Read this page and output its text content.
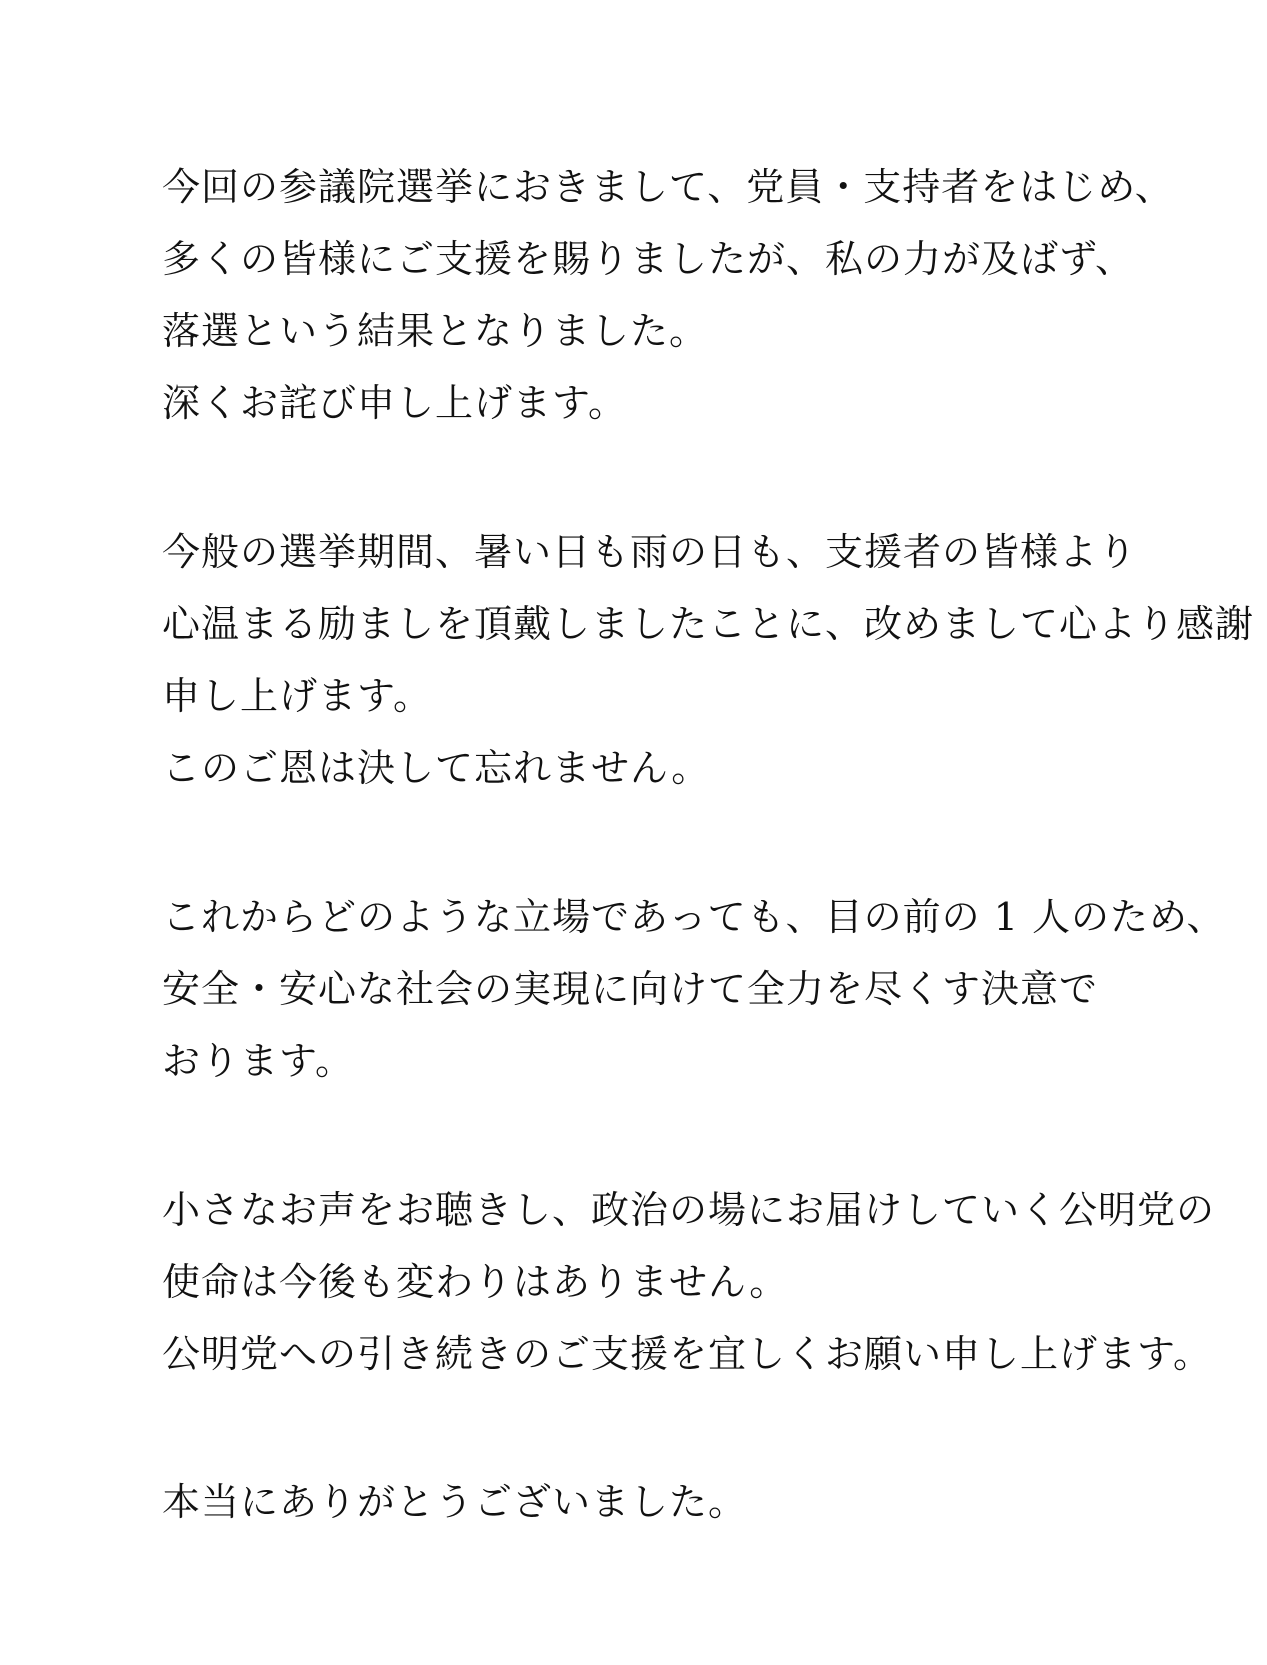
今回の参議院選挙におきまして、党員・支持者をはじめ、
多くの皆様にご支援を賜りましたが、私の力が及ばず、
落選という結果となりました。
深くお詫び申し上げます。
今般の選挙期間、暑い日も雨の日も、支援者の皆様より
心温まる励ましを頂戴しましたことに、改めまして心より感謝
申し上げます。
このご恩は決して忘れません。
これからどのような立場であっても、目の前の 1 人のため、
安全・安心な社会の実現に向けて全力を尽くす決意で
おります。
小さなお声をお聴きし、政治の場にお届けしていく公明党の
使命は今後も変わりはありません。
公明党への引き続きのご支援を宜しくお願い申し上げます。
本当にありがとうございました。
